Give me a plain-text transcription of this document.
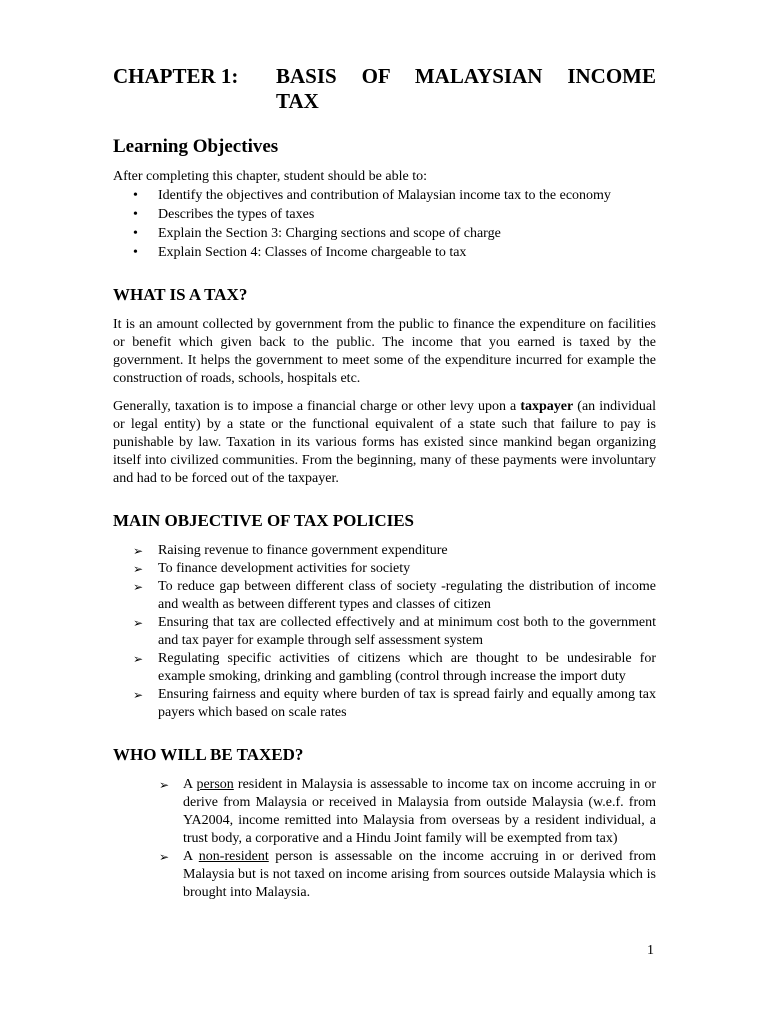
CHAPTER 1:	BASIS OF MALAYSIAN INCOME
TAX
Learning Objectives

After completing this chapter, student should be able to:

• Identify the objectives and contribution of Malaysian income tax to the economy
• Describes the types of taxes
• Explain the Section 3: Charging sections and scope of charge
• Explain Section 4: Classes of Income chargeable to tax
WHAT IS A TAX?

It is an amount collected by government from the public to finance the expenditure on facilities or benefit which given back to the public. The income that you earned is taxed by the government. It helps the government to meet some of the expenditure incurred for example the construction of roads, schools, hospitals etc.

Generally, taxation is to impose a financial charge or other levy upon a taxpayer (an individual or legal entity) by a state or the functional equivalent of a state such that failure to pay is punishable by law. Taxation in its various forms has existed since mankind began organizing itself into civilized communities. From the beginning, many of these payments were involuntary and had to be forced out of the taxpayer.

MAIN OBJECTIVE OF TAX POLICIES
➢ Raising revenue to finance government expenditure
➢ To finance development activities for society
➢ To reduce gap between different class of society -regulating the distribution of income and wealth as between different types and classes of citizen
➢ Ensuring that tax are collected effectively and at minimum cost both to the government and tax payer for example through self assessment system
➢ Regulating specific activities of citizens which are thought to be undesirable for example smoking, drinking and gambling (control through increase the import duty
➢ Ensuring fairness and equity where burden of tax is spread fairly and equally among tax payers which based on scale rates
WHO WILL BE TAXED?
➢ A person resident in Malaysia is assessable to income tax on income accruing in or derive from Malaysia or received in Malaysia from outside Malaysia (w.e.f. from YA2004, income remitted into Malaysia from overseas by a resident individual, a trust body, a corporative and a Hindu Joint family will be exempted from tax)
➢ A non-resident person is assessable on the income accruing in or derived from Malaysia but is not taxed on income arising from sources outside Malaysia which is brought into Malaysia.
1
